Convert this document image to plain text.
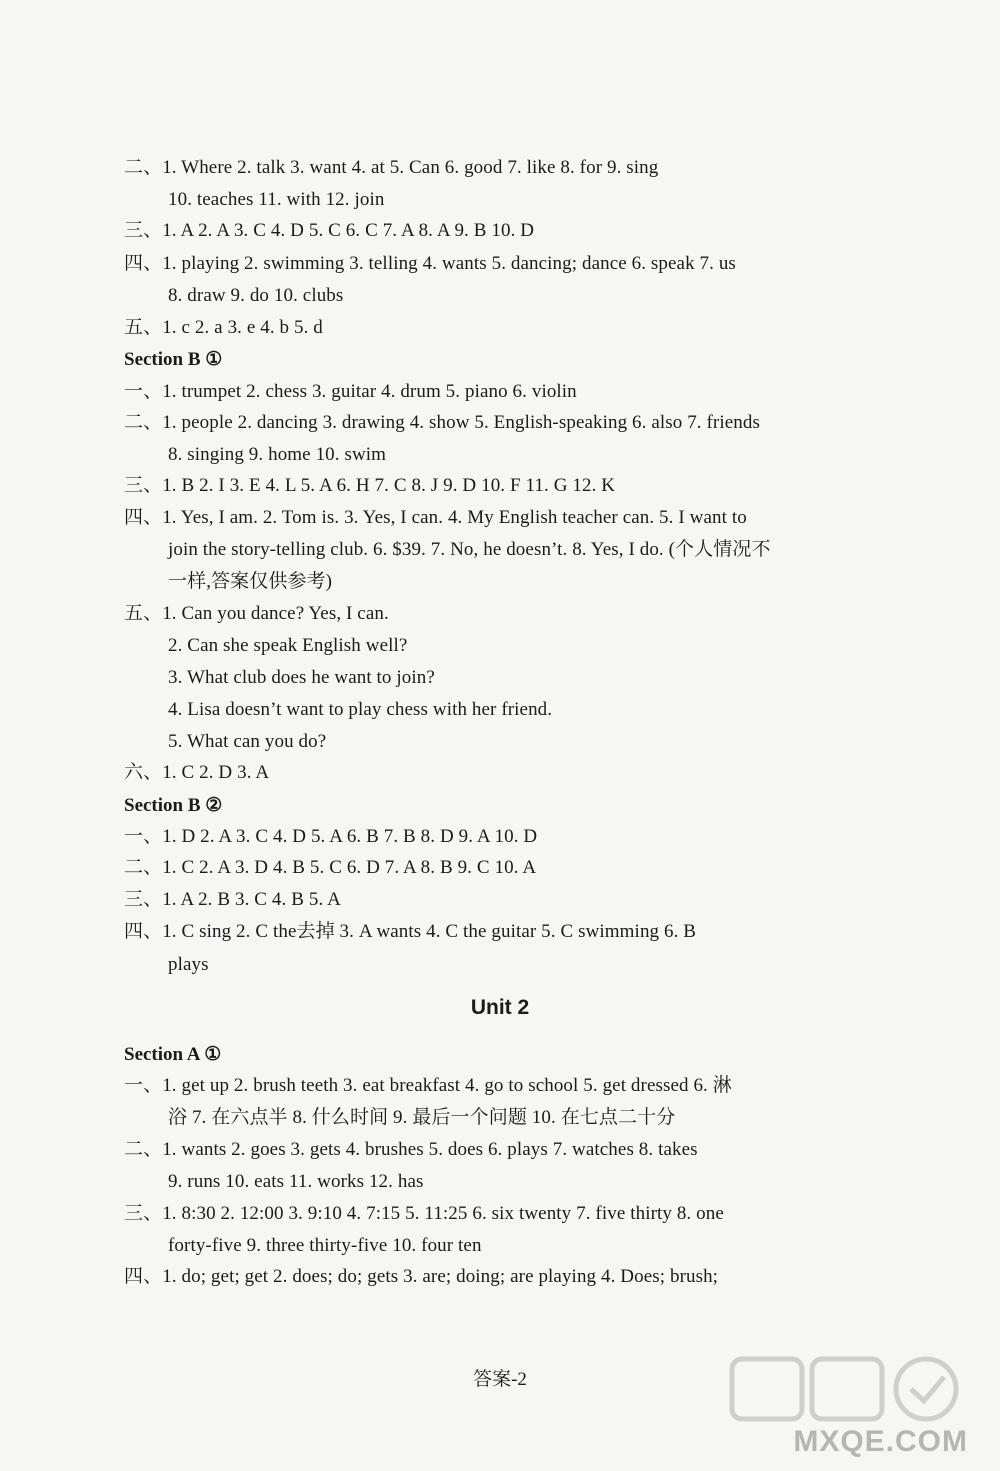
二、1. Where 2. talk 3. want 4. at 5. Can 6. good 7. like 8. for 9. sing
10. teaches 11. with 12. join
三、1. A 2. A 3. C 4. D 5. C 6. C 7. A 8. A 9. B 10. D
四、1. playing 2. swimming 3. telling 4. wants 5. dancing; dance 6. speak 7. us
8. draw 9. do 10. clubs
五、1. c 2. a 3. e 4. b 5. d
Section B ①
一、1. trumpet 2. chess 3. guitar 4. drum 5. piano 6. violin
二、1. people 2. dancing 3. drawing 4. show 5. English-speaking 6. also 7. friends
8. singing 9. home 10. swim
三、1. B 2. I 3. E 4. L 5. A 6. H 7. C 8. J 9. D 10. F 11. G 12. K
四、1. Yes, I am. 2. Tom is. 3. Yes, I can. 4. My English teacher can. 5. I want to
join the story-telling club. 6. $39. 7. No, he doesn’t. 8. Yes, I do. (个人情况不
一样,答案仅供参考)
五、1. Can you dance? Yes, I can.
2. Can she speak English well?
3. What club does he want to join?
4. Lisa doesn’t want to play chess with her friend.
5. What can you do?
六、1. C 2. D 3. A
Section B ②
一、1. D 2. A 3. C 4. D 5. A 6. B 7. B 8. D 9. A 10. D
二、1. C 2. A 3. D 4. B 5. C 6. D 7. A 8. B 9. C 10. A
三、1. A 2. B 3. C 4. B 5. A
四、1. C sing 2. C the去掉 3. A wants 4. C the guitar 5. C swimming 6. B
plays
Unit 2
Section A ①
一、1. get up 2. brush teeth 3. eat breakfast 4. go to school 5. get dressed 6. 淋
浴 7. 在六点半 8. 什么时间 9. 最后一个问题 10. 在七点二十分
二、1. wants 2. goes 3. gets 4. brushes 5. does 6. plays 7. watches 8. takes
9. runs 10. eats 11. works 12. has
三、1. 8:30 2. 12:00 3. 9:10 4. 7:15 5. 11:25 6. six twenty 7. five thirty 8. one
forty-five 9. three thirty-five 10. four ten
四、1. do; get; get 2. does; do; gets 3. are; doing; are playing 4. Does; brush;
答案-2
MXQE.COM
